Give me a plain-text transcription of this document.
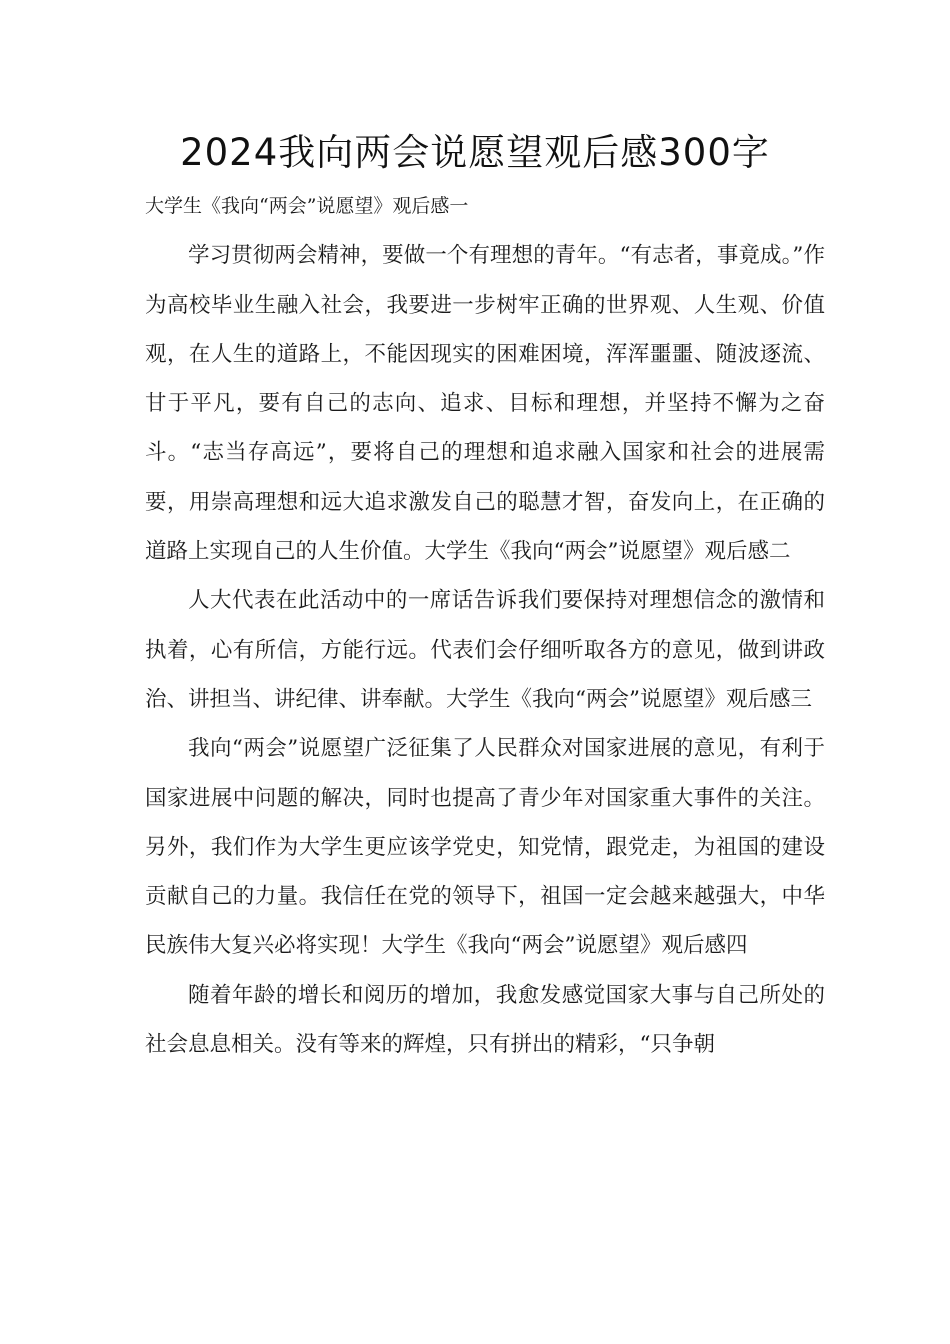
2024我向两会说愿望观后感300字

大学生《我向“两会”说愿望》观后感一

学习贯彻两会精神，要做一个有理想的青年。“有志者，事竟成。”作为高校毕业生融入社会，我要进一步树牢正确的世界观、人生观、价值观，在人生的道路上，不能因现实的困难困境，浑浑噩噩、随波逐流、甘于平凡，要有自己的志向、追求、目标和理想，并坚持不懈为之奋斗。“志当存高远”，要将自己的理想和追求融入国家和社会的进展需要，用崇高理想和远大追求激发自己的聪慧才智，奋发向上，在正确的道路上实现自己的人生价值。大学生《我向“两会”说愿望》观后感二

人大代表在此活动中的一席话告诉我们要保持对理想信念的激情和执着，心有所信，方能行远。代表们会仔细听取各方的意见，做到讲政治、讲担当、讲纪律、讲奉献。大学生《我向“两会”说愿望》观后感三

我向“两会”说愿望广泛征集了人民群众对国家进展的意见，有利于国家进展中问题的解决，同时也提高了青少年对国家重大事件的关注。另外，我们作为大学生更应该学党史，知党情，跟党走，为祖国的建设贡献自己的力量。我信任在党的领导下，祖国一定会越来越强大，中华民族伟大复兴必将实现！大学生《我向“两会”说愿望》观后感四

随着年龄的增长和阅历的增加，我愈发感觉国家大事与自己所处的社会息息相关。没有等来的辉煌，只有拼出的精彩，“只争朝
